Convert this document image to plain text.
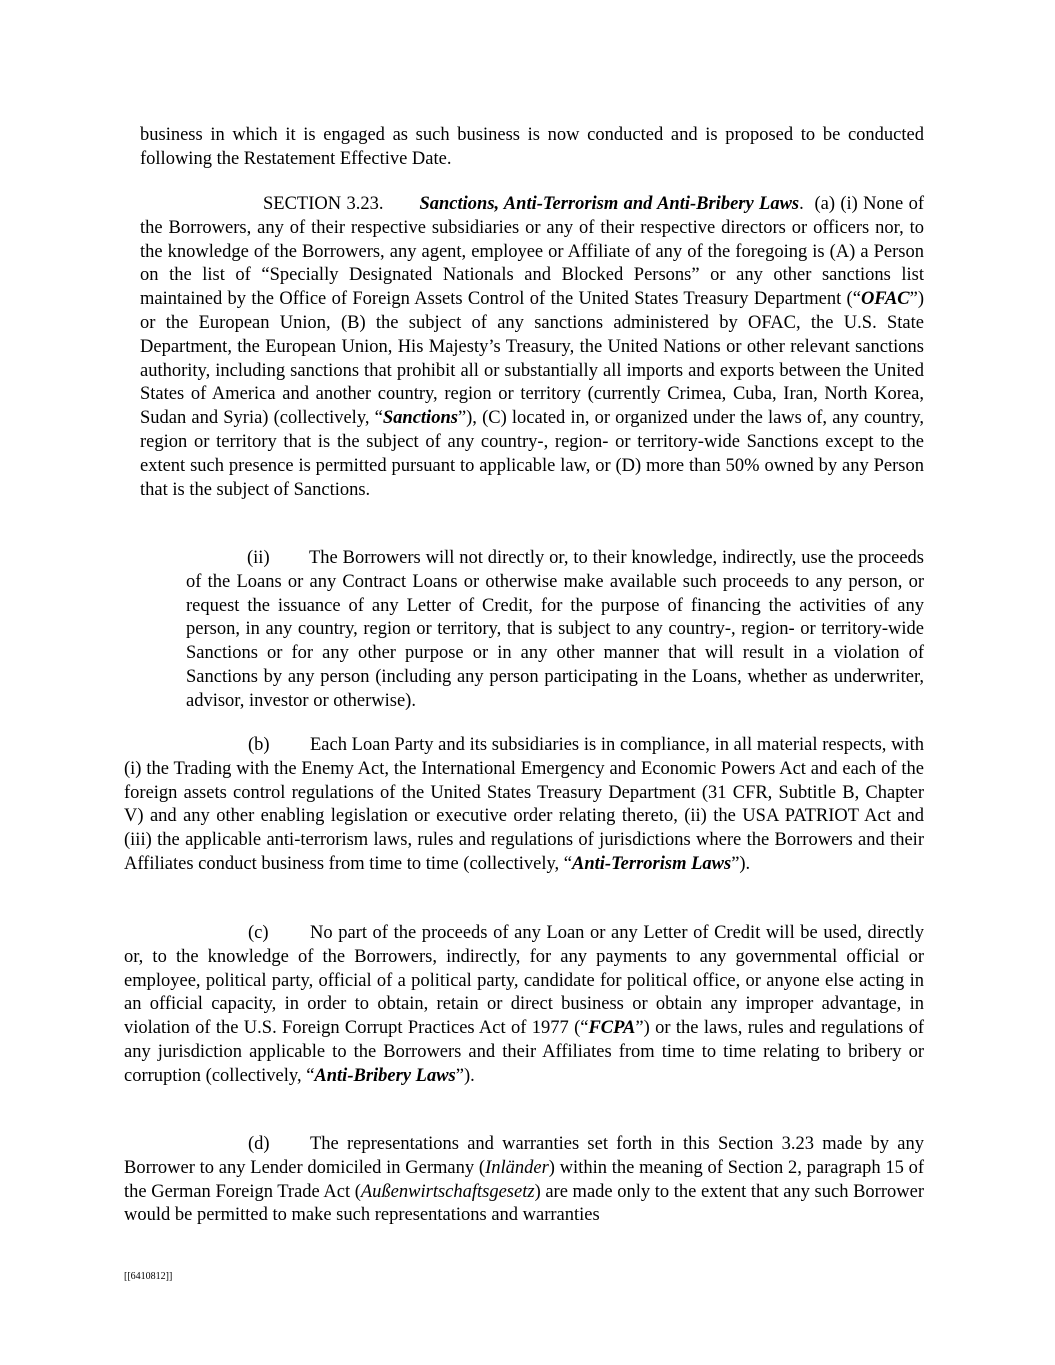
business in which it is engaged as such business is now conducted and is proposed to be conducted following the Restatement Effective Date.

SECTION 3.23. Sanctions, Anti-Terrorism and Anti-Bribery Laws. (a) (i) None of the Borrowers, any of their respective subsidiaries or any of their respective directors or officers nor, to the knowledge of the Borrowers, any agent, employee or Affiliate of any of the foregoing is (A) a Person on the list of “Specially Designated Nationals and Blocked Persons” or any other sanctions list maintained by the Office of Foreign Assets Control of the United States Treasury Department (“OFAC”) or the European Union, (B) the subject of any sanctions administered by OFAC, the U.S. State Department, the European Union, His Majesty’s Treasury, the United Nations or other relevant sanctions authority, including sanctions that prohibit all or substantially all imports and exports between the United States of America and another country, region or territory (currently Crimea, Cuba, Iran, North Korea, Sudan and Syria) (collectively, “Sanctions”), (C) located in, or organized under the laws of, any country, region or territory that is the subject of any country-, region- or territory-wide Sanctions except to the extent such presence is permitted pursuant to applicable law, or (D) more than 50% owned by any Person that is the subject of Sanctions.

(ii) The Borrowers will not directly or, to their knowledge, indirectly, use the proceeds of the Loans or any Contract Loans or otherwise make available such proceeds to any person, or request the issuance of any Letter of Credit, for the purpose of financing the activities of any person, in any country, region or territory, that is subject to any country-, region- or territory-wide Sanctions or for any other purpose or in any other manner that will result in a violation of Sanctions by any person (including any person participating in the Loans, whether as underwriter, advisor, investor or otherwise).

(b) Each Loan Party and its subsidiaries is in compliance, in all material respects, with (i) the Trading with the Enemy Act, the International Emergency and Economic Powers Act and each of the foreign assets control regulations of the United States Treasury Department (31 CFR, Subtitle B, Chapter V) and any other enabling legislation or executive order relating thereto, (ii) the USA PATRIOT Act and (iii) the applicable anti-terrorism laws, rules and regulations of jurisdictions where the Borrowers and their Affiliates conduct business from time to time (collectively, “Anti-Terrorism Laws”).

(c) No part of the proceeds of any Loan or any Letter of Credit will be used, directly or, to the knowledge of the Borrowers, indirectly, for any payments to any governmental official or employee, political party, official of a political party, candidate for political office, or anyone else acting in an official capacity, in order to obtain, retain or direct business or obtain any improper advantage, in violation of the U.S. Foreign Corrupt Practices Act of 1977 (“FCPA”) or the laws, rules and regulations of any jurisdiction applicable to the Borrowers and their Affiliates from time to time relating to bribery or corruption (collectively, “Anti-Bribery Laws”).

(d) The representations and warranties set forth in this Section 3.23 made by any Borrower to any Lender domiciled in Germany (Inländer) within the meaning of Section 2, paragraph 15 of the German Foreign Trade Act (Außenwirtschaftsgesetz) are made only to the extent that any such Borrower would be permitted to make such representations and warranties

[[6410812]]
